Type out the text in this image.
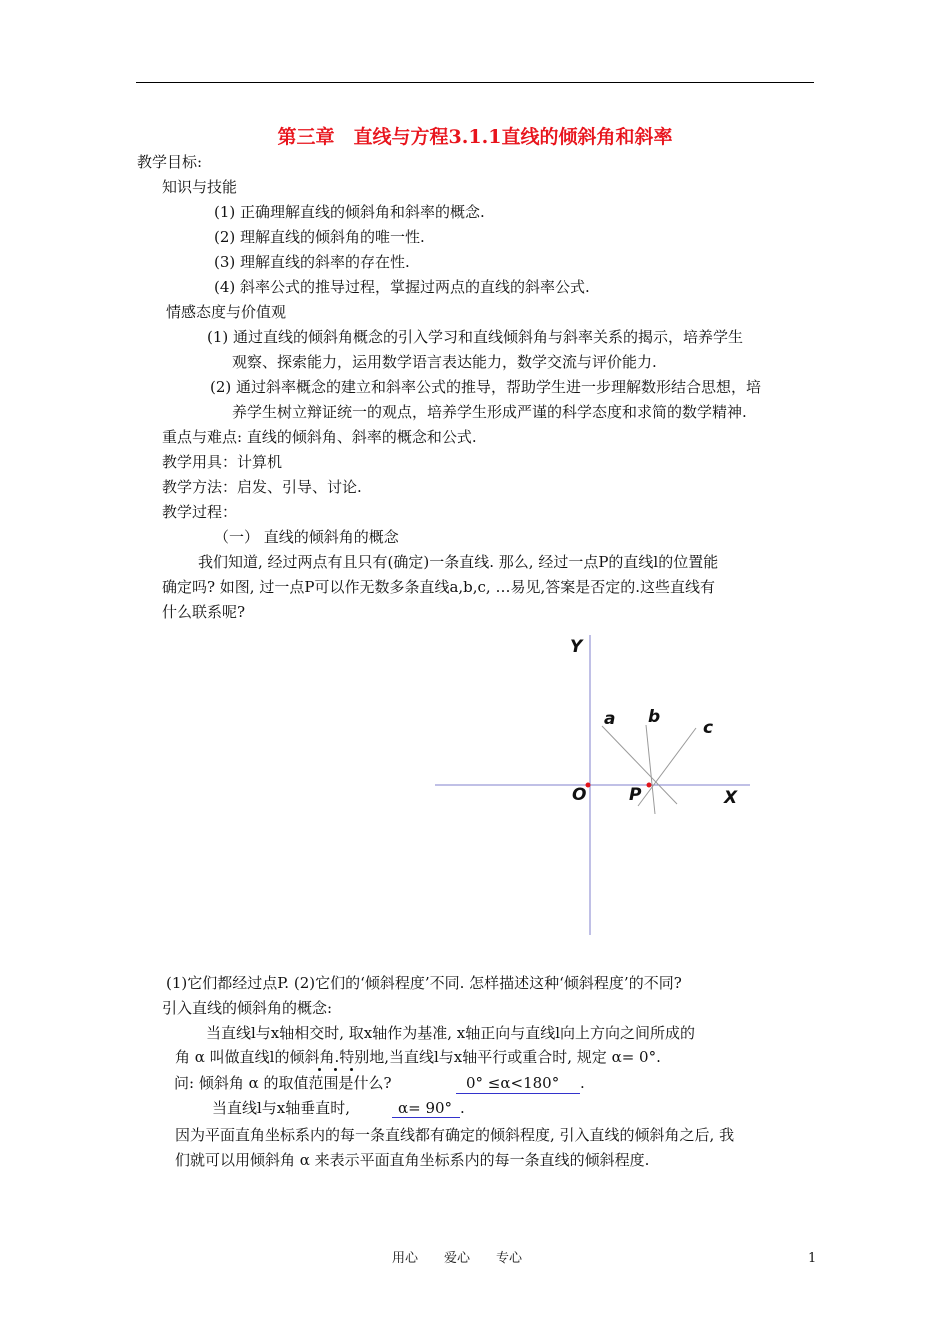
第三章　直线与方程3.1.1直线的倾斜角和斜率
教学目标:
知识与技能
(1) 正确理解直线的倾斜角和斜率的概念.
(2) 理解直线的倾斜角的唯一性.
(3) 理解直线的斜率的存在性.
(4) 斜率公式的推导过程，掌握过两点的直线的斜率公式.
情感态度与价值观
(1) 通过直线的倾斜角概念的引入学习和直线倾斜角与斜率关系的揭示，培养学生
观察、探索能力，运用数学语言表达能力，数学交流与评价能力.
(2) 通过斜率概念的建立和斜率公式的推导，帮助学生进一步理解数形结合思想，培
养学生树立辩证统一的观点，培养学生形成严谨的科学态度和求简的数学精神.
重点与难点: 直线的倾斜角、斜率的概念和公式.
教学用具：计算机
教学方法：启发、引导、讨论.
教学过程：
（一） 直线的倾斜角的概念
我们知道, 经过两点有且只有(确定)一条直线. 那么, 经过一点P的直线l的位置能
确定吗? 如图, 过一点P可以作无数多条直线a,b,c, …易见,答案是否定的.这些直线有
什么联系呢?
Y
X
O	P
a b
c
(1)它们都经过点P. (2)它们的‘倾斜程度’不同. 怎样描述这种‘倾斜程度’的不同?
引入直线的倾斜角的概念:
当直线l与x轴相交时, 取x轴作为基准, x轴正向与直线l向上方向之间所成的
角 α 叫做直线l的倾斜角.特别地,当直线l与x轴平行或重合时, 规定 α= 0°.
问: 倾斜角 α 的取值范围是什么?	0° ≤α<180° .
当直线l与x轴垂直时,	α= 90° .
因为平面直角坐标系内的每一条直线都有确定的倾斜程度, 引入直线的倾斜角之后, 我
们就可以用倾斜角 α 来表示平面直角坐标系内的每一条直线的倾斜程度.
用心　　爱心　　专心	1
